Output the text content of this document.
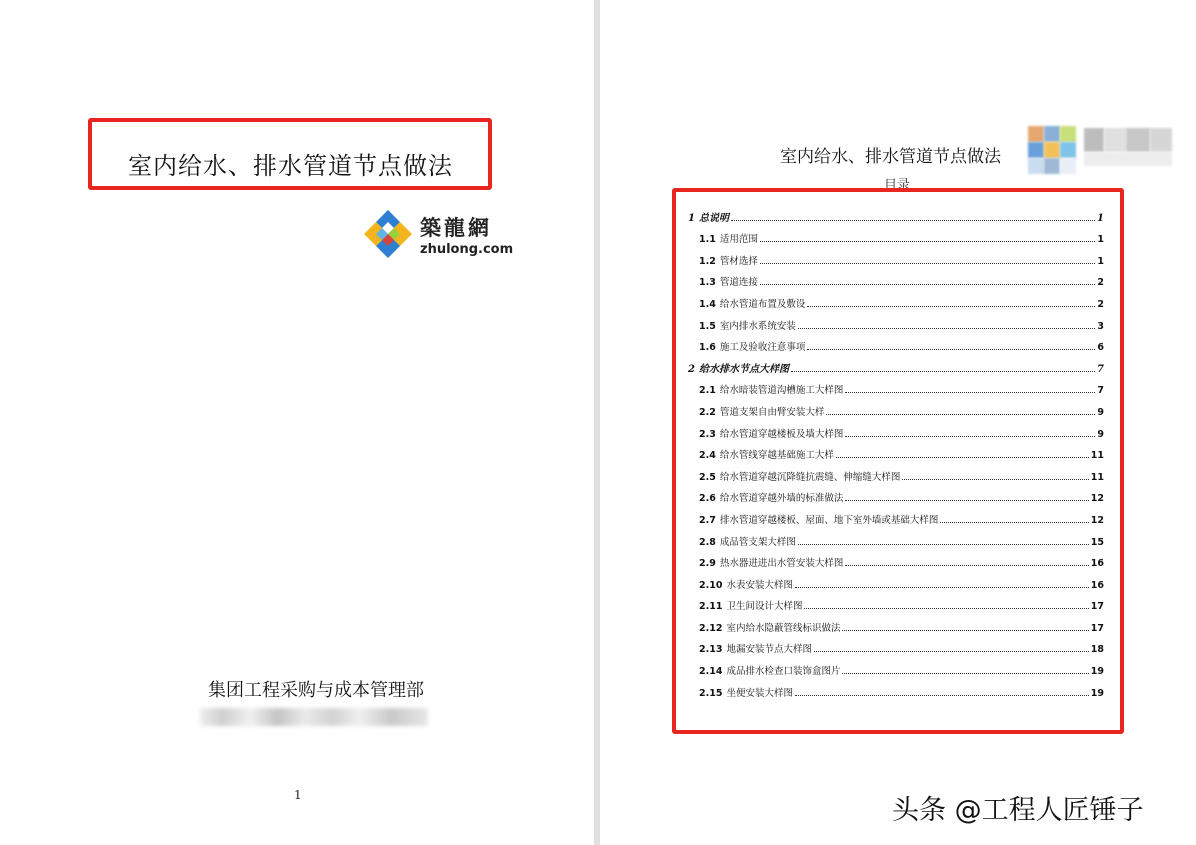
室内给水、排水管道节点做法
築龍網
zhulong.com
集团工程采购与成本管理部
1
室内给水、排水管道节点做法
目录
1 总说明	1
1.1 适用范围	1
1.2 管材选择	1
1.3 管道连接	2
1.4 给水管道布置及敷设	2
1.5 室内排水系统安装	3
1.6 施工及验收注意事项	6
2 给水排水节点大样图	7
2.1 给水暗装管道沟槽施工大样图	7
2.2 管道支架自由臂安装大样	9
2.3 给水管道穿越楼板及墙大样图	9
2.4 给水管线穿越基础施工大样	11
2.5 给水管道穿越沉降缝抗震缝、伸缩缝大样图	11
2.6 给水管道穿越外墙的标准做法	12
2.7 排水管道穿越楼板、屋面、地下室外墙或基础大样图	12
2.8 成品管支架大样图	15
2.9 热水器进进出水管安装大样图	16
2.10 水表安装大样图	16
2.11 卫生间设计大样图	17
2.12 室内给水隐蔽管线标识做法	17
2.13 地漏安装节点大样图	18
2.14 成品排水检查口装饰盒图片	19
2.15 坐便安装大样图	19
头条 @工程人匠锤子
